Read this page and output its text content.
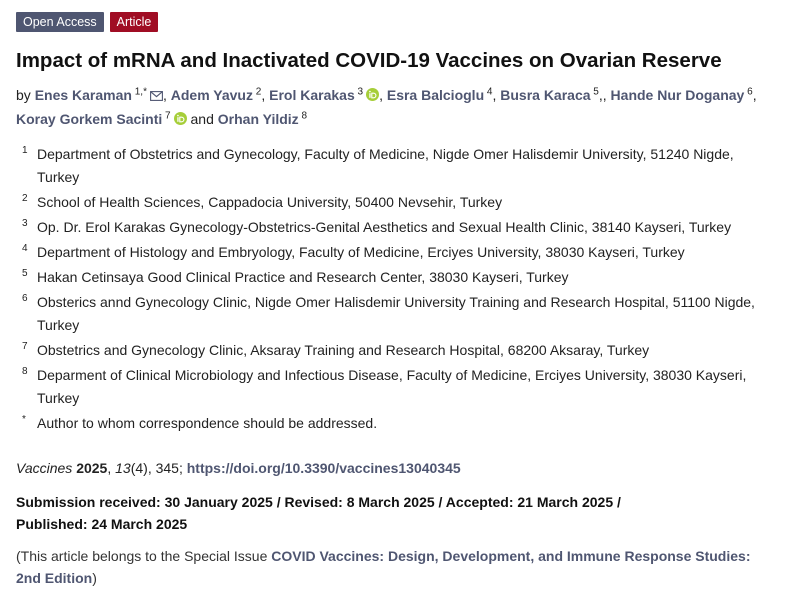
Open Access	Article
Impact of mRNA and Inactivated COVID-19 Vaccines on Ovarian Reserve
by Enes Karaman $^{1,*}$ , Adem Yavuz $^2$, Erol Karakas $^3$ , Esra Balcioglu $^4$, Busra Karaca $^5$,, Hande Nur Doganay $^6$, Koray Gorkem Sacinti $^7$ and Orhan Yildiz $^8$
1 Department of Obstetrics and Gynecology, Faculty of Medicine, Nigde Omer Halisdemir University, 51240 Nigde, Turkey
2 School of Health Sciences, Cappadocia University, 50400 Nevsehir, Turkey
3 Op. Dr. Erol Karakas Gynecology-Obstetrics-Genital Aesthetics and Sexual Health Clinic, 38140 Kayseri, Turkey
4 Department of Histology and Embryology, Faculty of Medicine, Erciyes University, 38030 Kayseri, Turkey
5 Hakan Cetinsaya Good Clinical Practice and Research Center, 38030 Kayseri, Turkey
6 Obsterics annd Gynecology Clinic, Nigde Omer Halisdemir University Training and Research Hospital, 51100 Nigde, Turkey
7 Obstetrics and Gynecology Clinic, Aksaray Training and Research Hospital, 68200 Aksaray, Turkey
8 Deparment of Clinical Microbiology and Infectious Disease, Faculty of Medicine, Erciyes University, 38030 Kayseri, Turkey
* Author to whom correspondence should be addressed.
Vaccines 2025, 13(4), 345; https://doi.org/10.3390/vaccines13040345
Submission received: 30 January 2025 / Revised: 8 March 2025 / Accepted: 21 March 2025 / Published: 24 March 2025
(This article belongs to the Special Issue COVID Vaccines: Design, Development, and Immune Response Studies: 2nd Edition)
